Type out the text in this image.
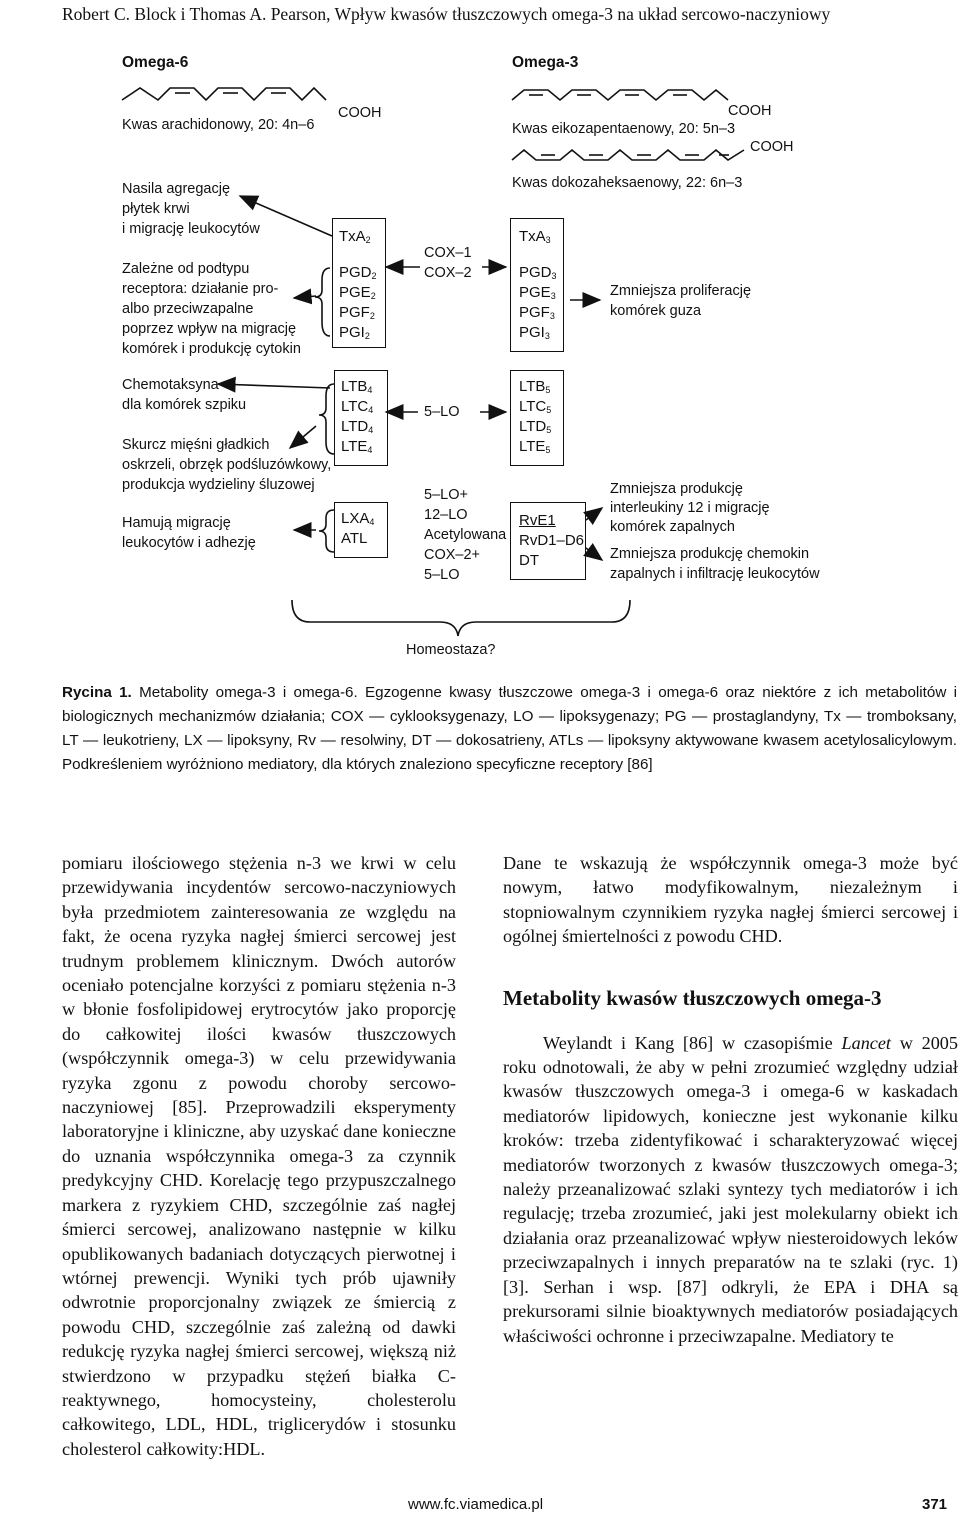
Robert C. Block i Thomas A. Pearson, Wpływ kwasów tłuszczowych omega-3 na układ sercowo-naczyniowy
Omega-6	Omega-3
COOH
Kwas arachidonowy, 20: 4n–6
COOH
Kwas eikozapentaenowy, 20: 5n–3
COOH
Kwas dokozaheksaenowy, 22: 6n–3
Nasila agregację
płytek krwi
i migrację leukocytów
Zależne od podtypu
receptora: działanie pro-
albo przeciwzapalne
poprzez wpływ na migrację
komórek i produkcję cytokin
Chemotaksyna
dla komórek szpiku
Skurcz mięśni gładkich
oskrzeli, obrzęk podśluzówkowy,
produkcja wydzieliny śluzowej
Hamują migrację
leukocytów i adhezję
TxA$_2$
$PGD_2$
$PGE_2$
$PGF_2$
$PGI_2$
$LTB_4$
$LTC_4$
$LTD_4$
$LTE_4$
$LXA_4$
ATL
COX–1
COX–2
5–LO
5–LO+
12–LO
Acetylowana
COX–2+
5–LO
TxA$_3$
$PGD_3$
$PGE_3$
$PGF_3$
$PGI_3$
$LTB_5$
$LTC_5$
$LTD_5$
$LTE_5$
RvE1
RvD1–D6
DT
Zmniejsza proliferację
komórek guza
Zmniejsza produkcję
interleukiny 12 i migrację
komórek zapalnych
Zmniejsza produkcję chemokin
zapalnych i infiltrację leukocytów
Homeostaza?
Rycina 1. Metabolity omega-3 i omega-6. Egzogenne kwasy tłuszczowe omega-3 i omega-6 oraz niektóre z ich metabolitów i biologicznych mechanizmów działania; COX — cyklooksygenazy, LO — lipoksygenazy; PG — prostaglandyny, Tx — tromboksany, LT — leukotrieny, LX — lipoksyny, Rv — resolwiny, DT — dokosatrieny, ATLs — lipoksyny aktywowane kwasem acetylosalicylowym. Podkreśleniem wyróżniono mediatory, dla których znaleziono specyficzne receptory [86]

pomiaru ilościowego stężenia n-3 we krwi w celu przewidywania incydentów sercowo-naczyniowych była przedmiotem zainteresowania ze względu na fakt, że ocena ryzyka nagłej śmierci sercowej jest trudnym problemem klinicznym. Dwóch autorów oceniało potencjalne korzyści z pomiaru stężenia n-3 w błonie fosfolipidowej erytrocytów jako proporcję do całkowitej ilości kwasów tłuszczowych (współczynnik omega-3) w celu przewidywania ryzyka zgonu z powodu choroby sercowo-naczyniowej [85]. Przeprowadzili eksperymenty laboratoryjne i kliniczne, aby uzyskać dane konieczne do uznania współczynnika omega-3 za czynnik predykcyjny CHD. Korelację tego przypuszczalnego markera z ryzykiem CHD, szczególnie zaś nagłej śmierci sercowej, analizowano następnie w kilku opublikowanych badaniach dotyczących pierwotnej i wtórnej prewencji. Wyniki tych prób ujawniły odwrotnie proporcjonalny związek ze śmiercią z powodu CHD, szczególnie zaś zależną od dawki redukcję ryzyka nagłej śmierci sercowej, większą niż stwierdzono w przypadku stężeń białka C-reaktywnego, homocysteiny, cholesterolu całkowitego, LDL, HDL, triglicerydów i stosunku cholesterol całkowity:HDL.

Dane te wskazują że współczynnik omega-3 może być nowym, łatwo modyfikowalnym, niezależnym i stopniowalnym czynnikiem ryzyka nagłej śmierci sercowej i ogólnej śmiertelności z powodu CHD.

Metabolity kwasów tłuszczowych omega-3

Weylandt i Kang [86] w czasopiśmie Lancet w 2005 roku odnotowali, że aby w pełni zrozumieć względny udział kwasów tłuszczowych omega-3 i omega-6 w kaskadach mediatorów lipidowych, konieczne jest wykonanie kilku kroków: trzeba zidentyfikować i scharakteryzować więcej mediatorów tworzonych z kwasów tłuszczowych omega-3; należy przeanalizować szlaki syntezy tych mediatorów i ich regulację; trzeba zrozumieć, jaki jest molekularny obiekt ich działania oraz przeanalizować wpływ niesteroidowych leków przeciwzapalnych i innych preparatów na te szlaki (ryc. 1) [3]. Serhan i wsp. [87] odkryli, że EPA i DHA są prekursorami silnie bioaktywnych mediatorów posiadających właściwości ochronne i przeciwzapalne. Mediatory te

www.fc.viamedica.pl	371
